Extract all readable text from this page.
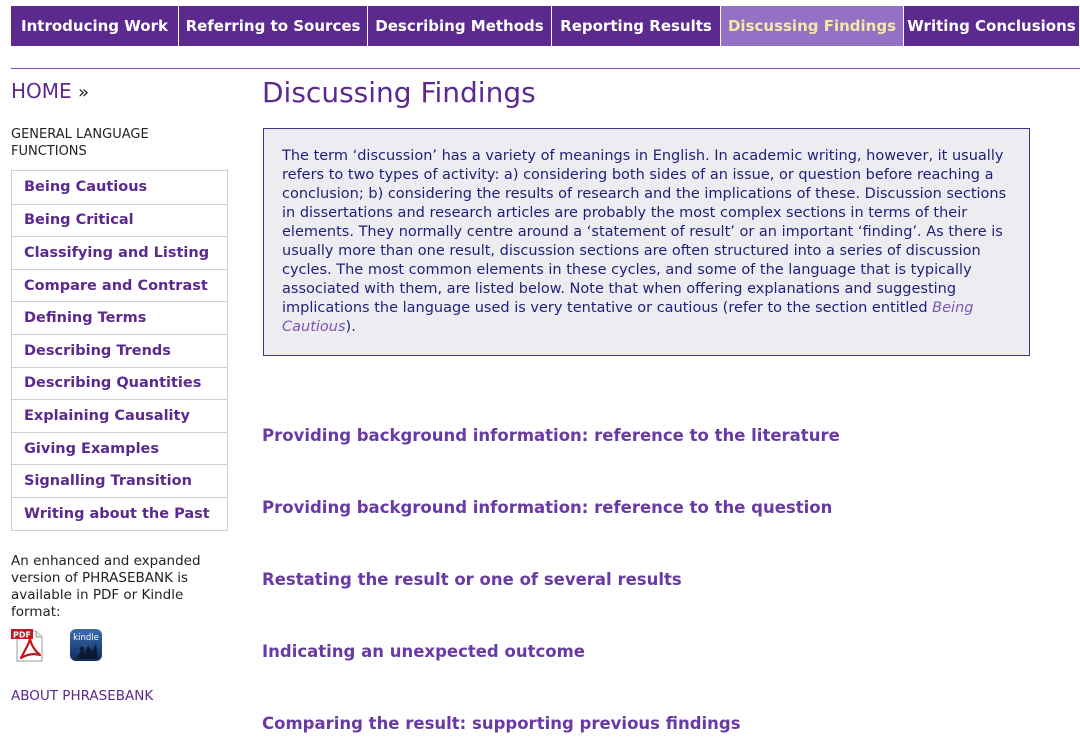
Introducing Work	Referring to Sources Describing Methods	Reporting Results	Discussing Findings Writing Conclusions
HOME »
GENERAL LANGUAGE FUNCTIONS
Being Cautious
Being Critical
Classifying and Listing
Compare and Contrast
Defining Terms
Describing Trends
Describing Quantities
Explaining Causality
Giving Examples
Signalling Transition
Writing about the Past
An enhanced and expanded version of PHRASEBANK is available in PDF or Kindle format:
PDF	kindle
ABOUT PHRASEBANK
Discussing Findings
The term ‘discussion’ has a variety of meanings in English. In academic writing, however, it usually refers to two types of activity: a) considering both sides of an issue, or question before reaching a conclusion; b) considering the results of research and the implications of these. Discussion sections in dissertations and research articles are probably the most complex sections in terms of their elements. They normally centre around a ‘statement of result’ or an important ‘finding’. As there is usually more than one result, discussion sections are often structured into a series of discussion cycles. The most common elements in these cycles, and some of the language that is typically associated with them, are listed below. Note that when offering explanations and suggesting implications the language used is very tentative or cautious (refer to the section entitled Being Cautious).
Providing background information: reference to the literature
Providing background information: reference to the question
Restating the result or one of several results
Indicating an unexpected outcome
Comparing the result: supporting previous findings
